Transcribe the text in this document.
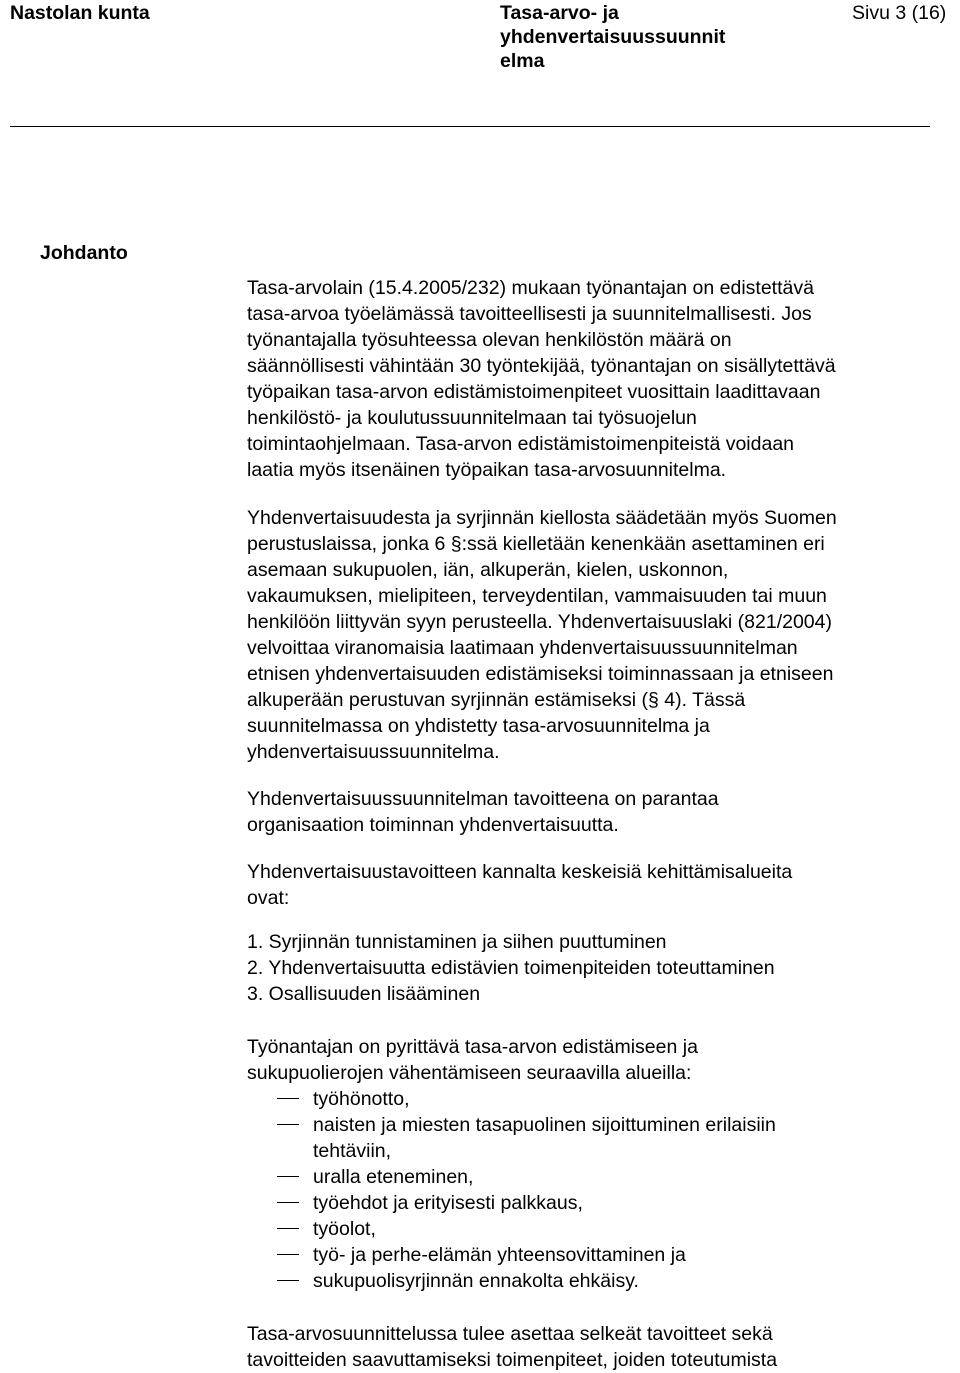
Nastolan kunta	Tasa-arvo- ja
yhdenvertaisuussuunnit
elma
Sivu 3 (16)
Johdanto
Tasa-arvolain (15.4.2005/232) mukaan työnantajan on edistettävä
tasa-arvoa työelämässä tavoitteellisesti ja suunnitelmallisesti. Jos
työnantajalla työsuhteessa olevan henkilöstön määrä on
säännöllisesti vähintään 30 työntekijää, työnantajan on sisällytettävä
työpaikan tasa-arvon edistämistoimenpiteet vuosittain laadittavaan
henkilöstö- ja koulutussuunnitelmaan tai työsuojelun
toimintaohjelmaan. Tasa-arvon edistämistoimenpiteistä voidaan
laatia myös itsenäinen työpaikan tasa-arvosuunnitelma.
Yhdenvertaisuudesta ja syrjinnän kiellosta säädetään myös Suomen
perustuslaissa, jonka 6 §:ssä kielletään kenenkään asettaminen eri
asemaan sukupuolen, iän, alkuperän, kielen, uskonnon,
vakaumuksen, mielipiteen, terveydentilan, vammaisuuden tai muun
henkilöön liittyvän syyn perusteella. Yhdenvertaisuuslaki (821/2004)
velvoittaa viranomaisia laatimaan yhdenvertaisuussuunnitelman
etnisen yhdenvertaisuuden edistämiseksi toiminnassaan ja etniseen
alkuperään perustuvan syrjinnän estämiseksi (§ 4). Tässä
suunnitelmassa on yhdistetty tasa-arvosuunnitelma ja
yhdenvertaisuussuunnitelma.
Yhdenvertaisuussuunnitelman tavoitteena on parantaa
organisaation toiminnan yhdenvertaisuutta.
Yhdenvertaisuustavoitteen kannalta keskeisiä kehittämisalueita
ovat:
1. Syrjinnän tunnistaminen ja siihen puuttuminen
2. Yhdenvertaisuutta edistävien toimenpiteiden toteuttaminen
3. Osallisuuden lisääminen
Työnantajan on pyrittävä tasa-arvon edistämiseen ja
sukupuolierojen vähentämiseen seuraavilla alueilla:
työhönotto,
naisten ja miesten tasapuolinen sijoittuminen erilaisiin
tehtäviin,
uralla eteneminen,
työehdot ja erityisesti palkkaus,
työolot,
työ- ja perhe-elämän yhteensovittaminen ja
sukupuolisyrjinnän ennakolta ehkäisy.
Tasa-arvosuunnittelussa tulee asettaa selkeät tavoitteet sekä
tavoitteiden saavuttamiseksi toimenpiteet, joiden toteutumista
